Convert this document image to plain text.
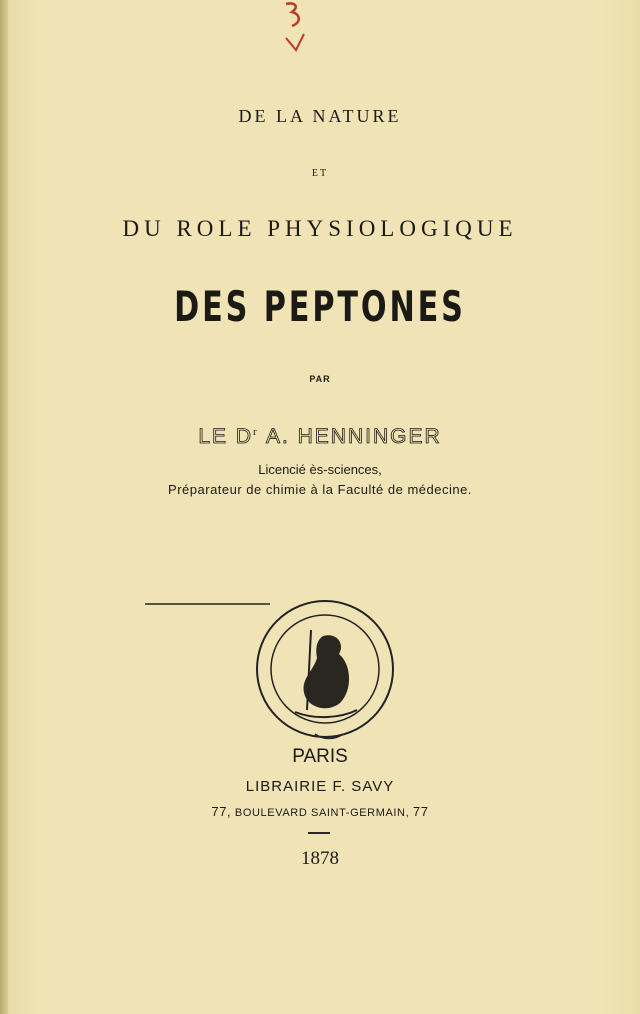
DE LA NATURE
ET
DU ROLE PHYSIOLOGIQUE
DES PEPTONES
PAR
LE $D^r$ A. HENNINGER
Licencié ès-sciences,
Préparateur de chimie à la Faculté de médecine.
PARIS
LIBRAIRIE F. SAVY
77, BOULEVARD SAINT-GERMAIN, 77
1878
